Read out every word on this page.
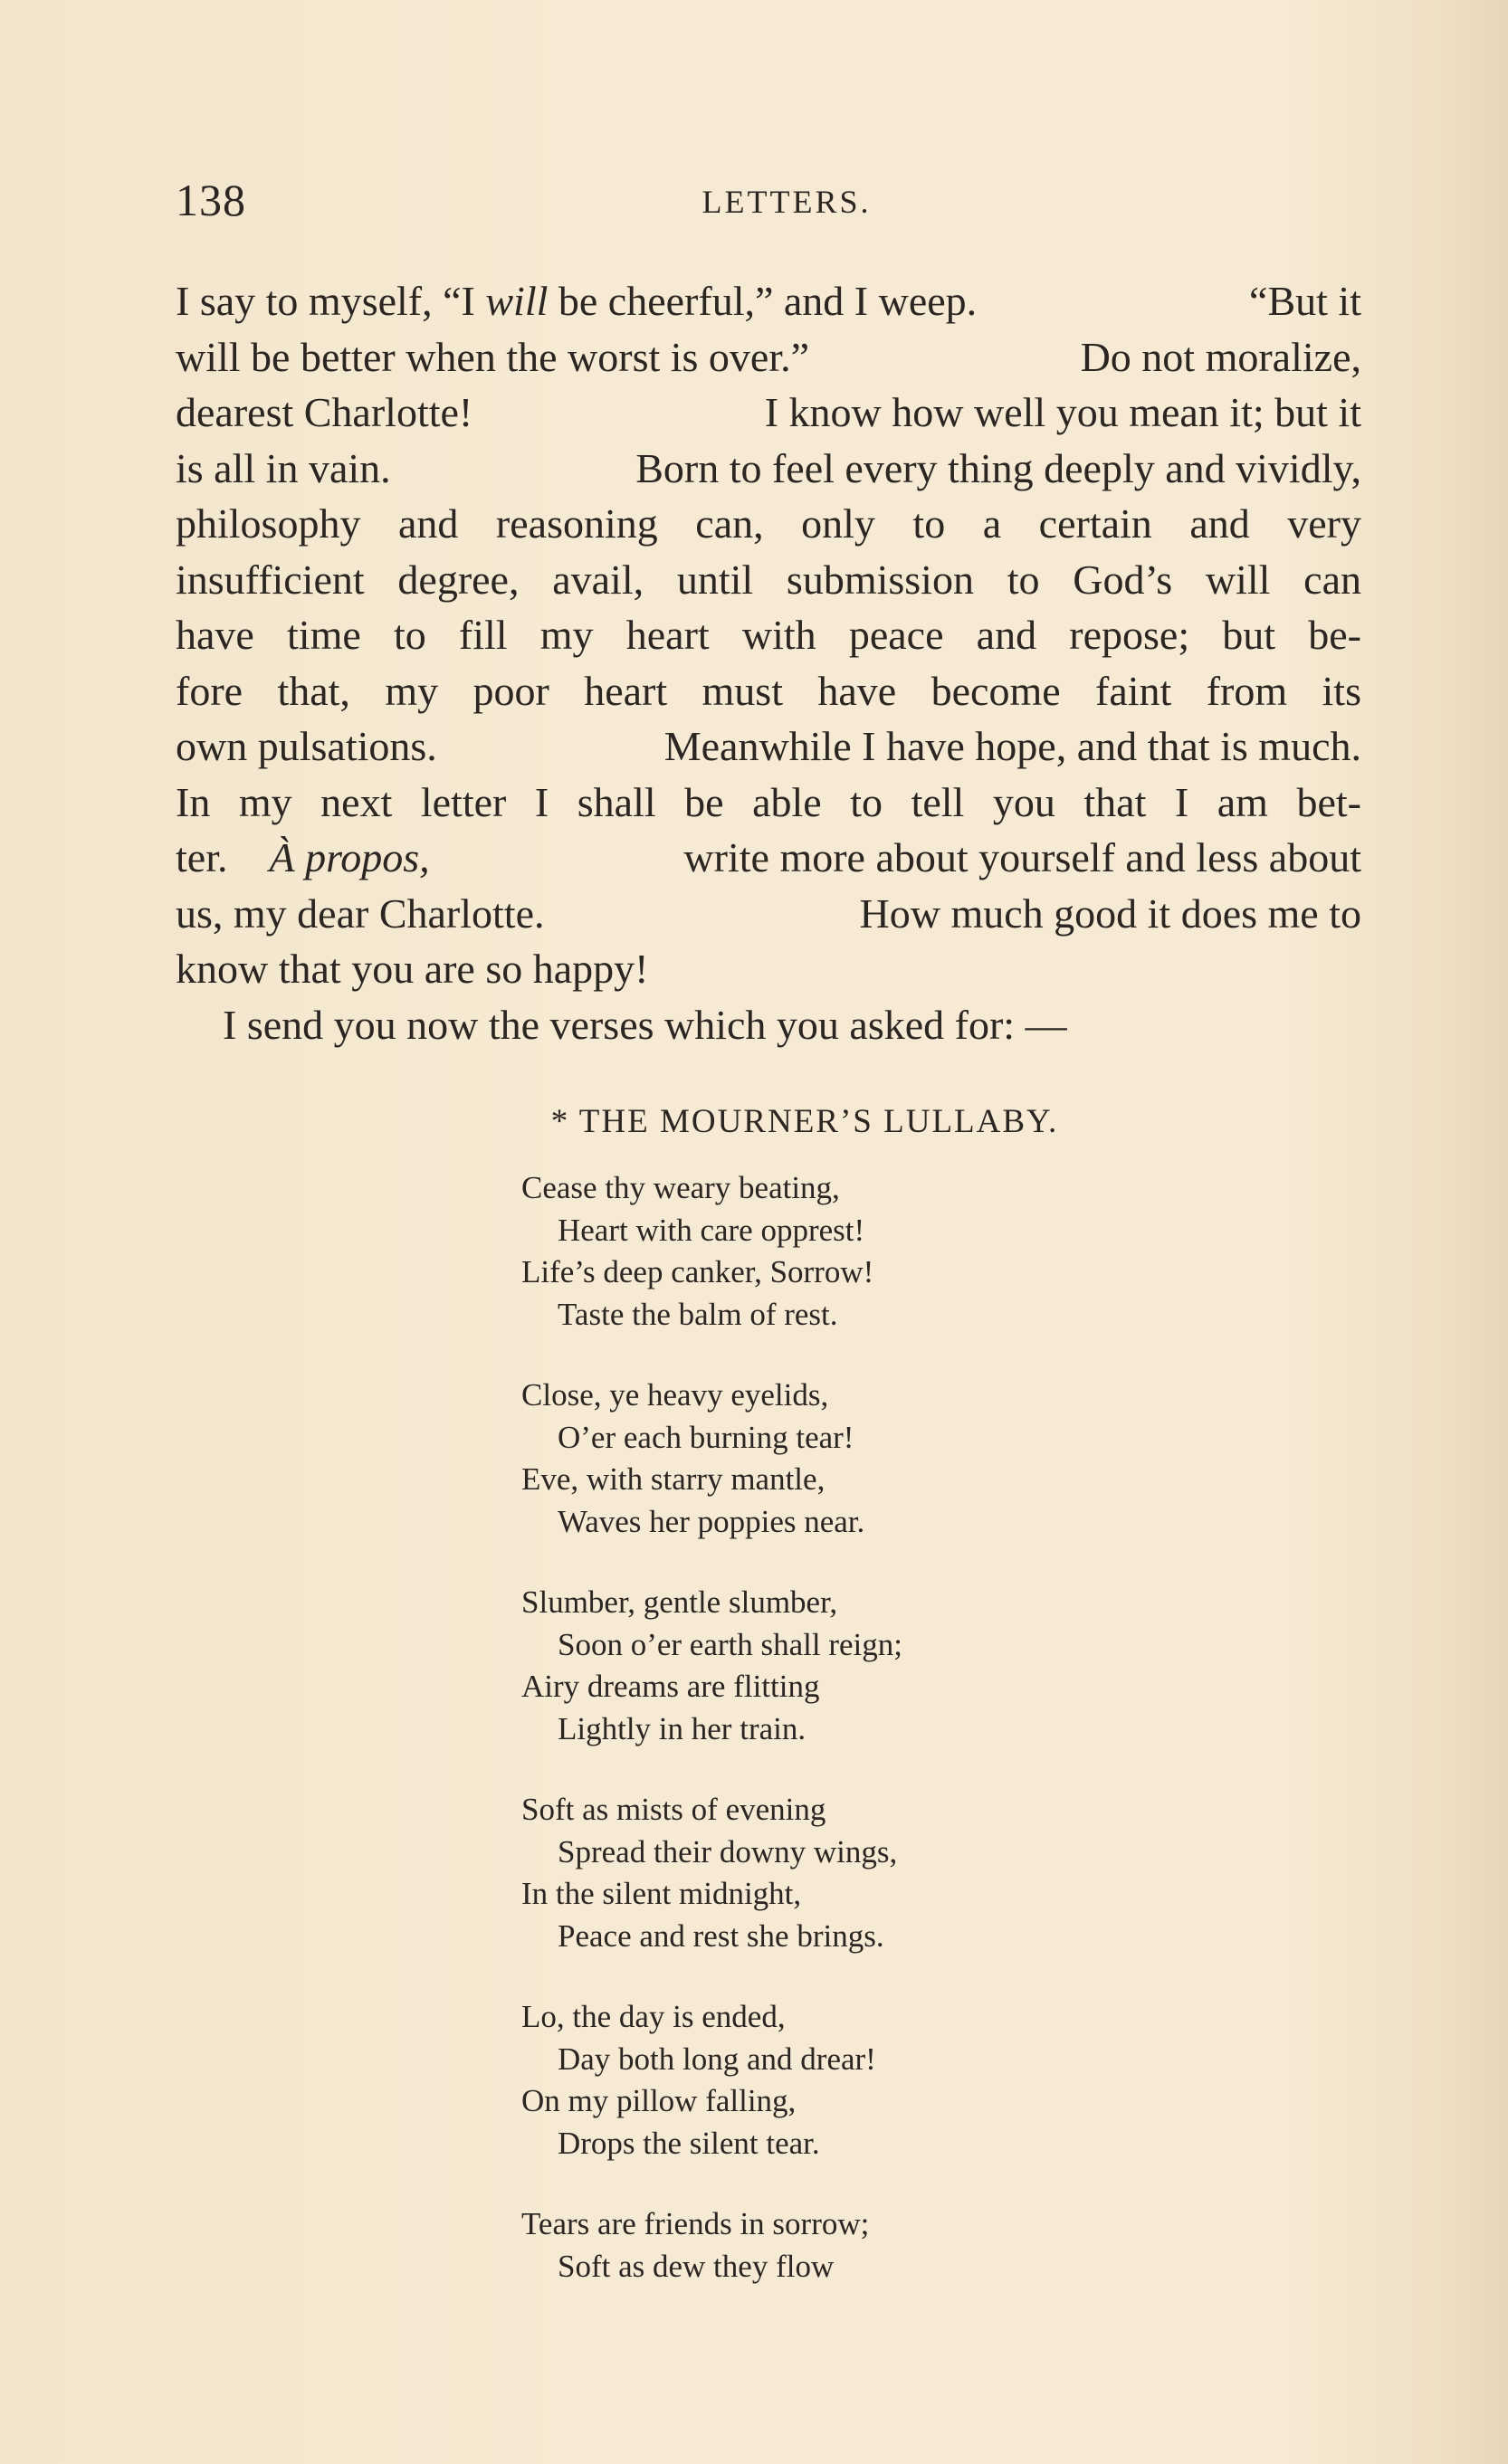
138	LETTERS.
I say to myself, “I will be cheerful,” and I weep.	“But it
will be better when the worst is over.”	Do not moralize,
dearest Charlotte!	I know how well you mean it; but it
is all in vain.	Born to feel every thing deeply and vividly,
philosophy and reasoning can, only to a certain and very
insufficient degree, avail, until submission to God’s will can
have time to fill my heart with peace and repose; but be-
fore that, my poor heart must have become faint from its
own pulsations.	Meanwhile I have hope, and that is much.
In my next letter I shall be able to tell you that I am bet-
ter. À propos,	write more about yourself and less about
us, my dear Charlotte.	How much good it does me to
know that you are so happy!
I send you now the verses which you asked for: —
* THE MOURNER’S LULLABY.
Cease thy weary beating,
Heart with care opprest!
Life’s deep canker, Sorrow!
Taste the balm of rest.
Close, ye heavy eyelids,
O’er each burning tear!
Eve, with starry mantle,
Waves her poppies near.
Slumber, gentle slumber,
Soon o’er earth shall reign;
Airy dreams are flitting
Lightly in her train.
Soft as mists of evening
Spread their downy wings,
In the silent midnight,
Peace and rest she brings.
Lo, the day is ended,
Day both long and drear!
On my pillow falling,
Drops the silent tear.
Tears are friends in sorrow;
Soft as dew they flow
